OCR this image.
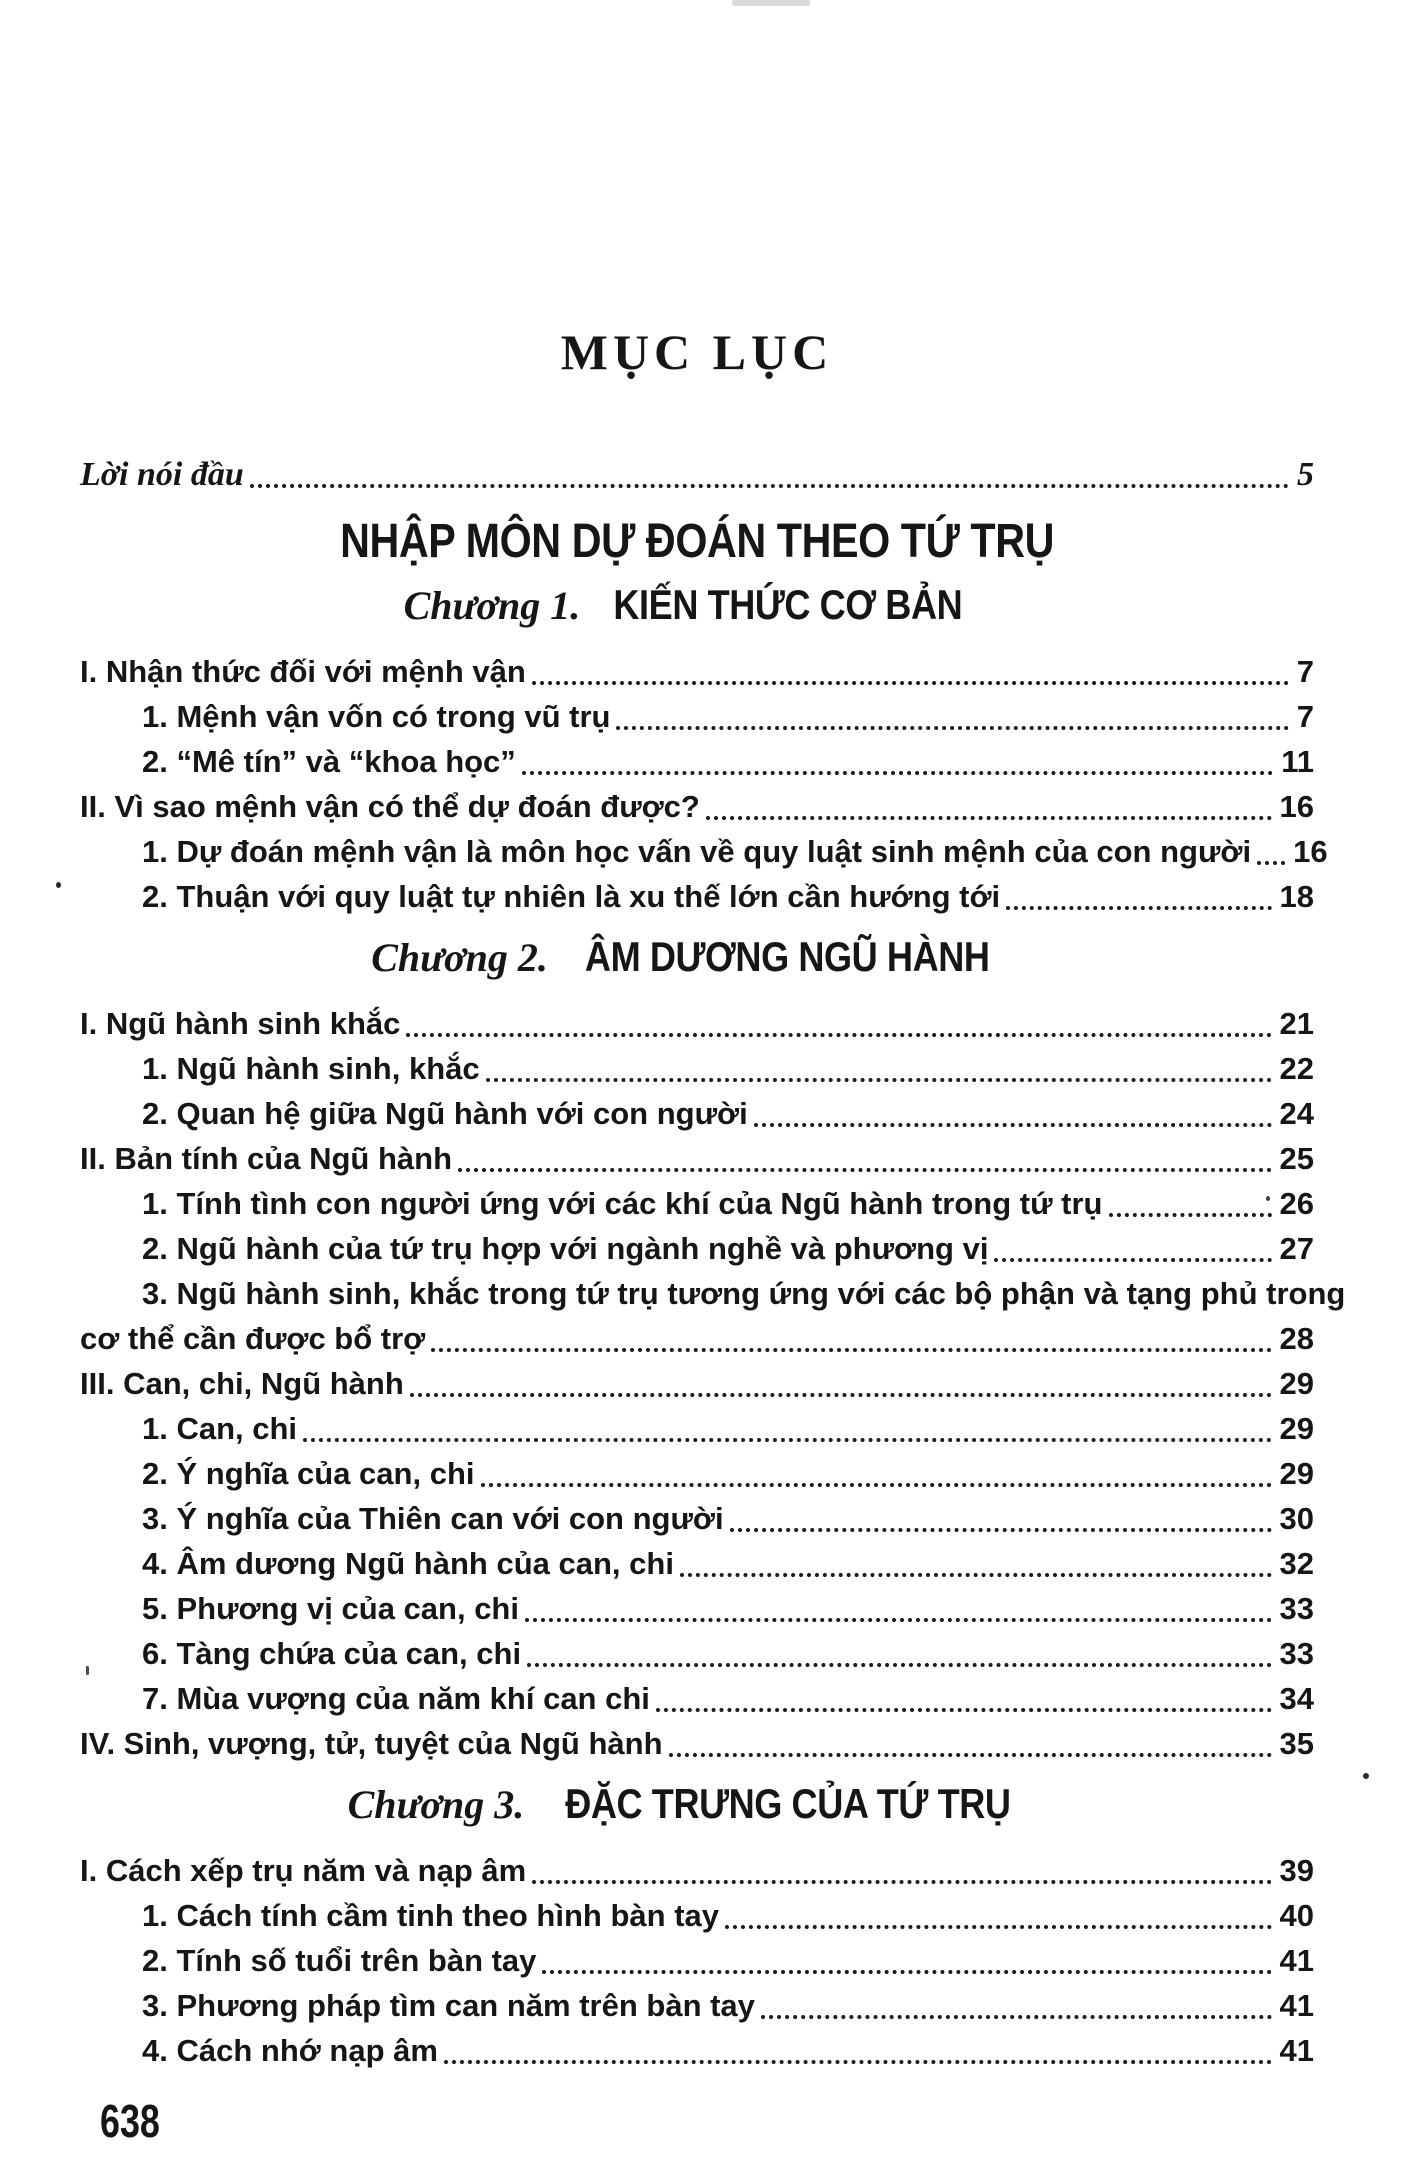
MỤC LỤC
Lời nói đầu	5
NHẬP MÔN DỰ ĐOÁN THEO TỨ TRỤ
Chương 1. KIẾN THỨC CƠ BẢN
I. Nhận thức đối với mệnh vận	7
1. Mệnh vận vốn có trong vũ trụ	7
2. “Mê tín” và “khoa học”	11
II. Vì sao mệnh vận có thể dự đoán được?	16
1. Dự đoán mệnh vận là môn học vấn về quy luật sinh mệnh của con người 16
2. Thuận với quy luật tự nhiên là xu thế lớn cần hướng tới	18
Chương 2. ÂM DƯƠNG NGŨ HÀNH
I. Ngũ hành sinh khắc	21
1. Ngũ hành sinh, khắc	22
2. Quan hệ giữa Ngũ hành với con người	24
II. Bản tính của Ngũ hành	25
1. Tính tình con người ứng với các khí của Ngũ hành trong tứ trụ	26
2. Ngũ hành của tứ trụ hợp với ngành nghề và phương vị	27
3. Ngũ hành sinh, khắc trong tứ trụ tương ứng với các bộ phận và tạng phủ trong
cơ thể cần được bổ trợ	28
III. Can, chi, Ngũ hành	29
1. Can, chi	29
2. Ý nghĩa của can, chi	29
3. Ý nghĩa của Thiên can với con người	30
4. Âm dương Ngũ hành của can, chi	32
5. Phương vị của can, chi	33
6. Tàng chứa của can, chi	33
7. Mùa vượng của năm khí can chi	34
IV. Sinh, vượng, tử, tuyệt của Ngũ hành	35
Chương 3. ĐẶC TRƯNG CỦA TỨ TRỤ
I. Cách xếp trụ năm và nạp âm	39
1. Cách tính cầm tinh theo hình bàn tay	40
2. Tính số tuổi trên bàn tay	41
3. Phương pháp tìm can năm trên bàn tay	41
4. Cách nhớ nạp âm	41
638
